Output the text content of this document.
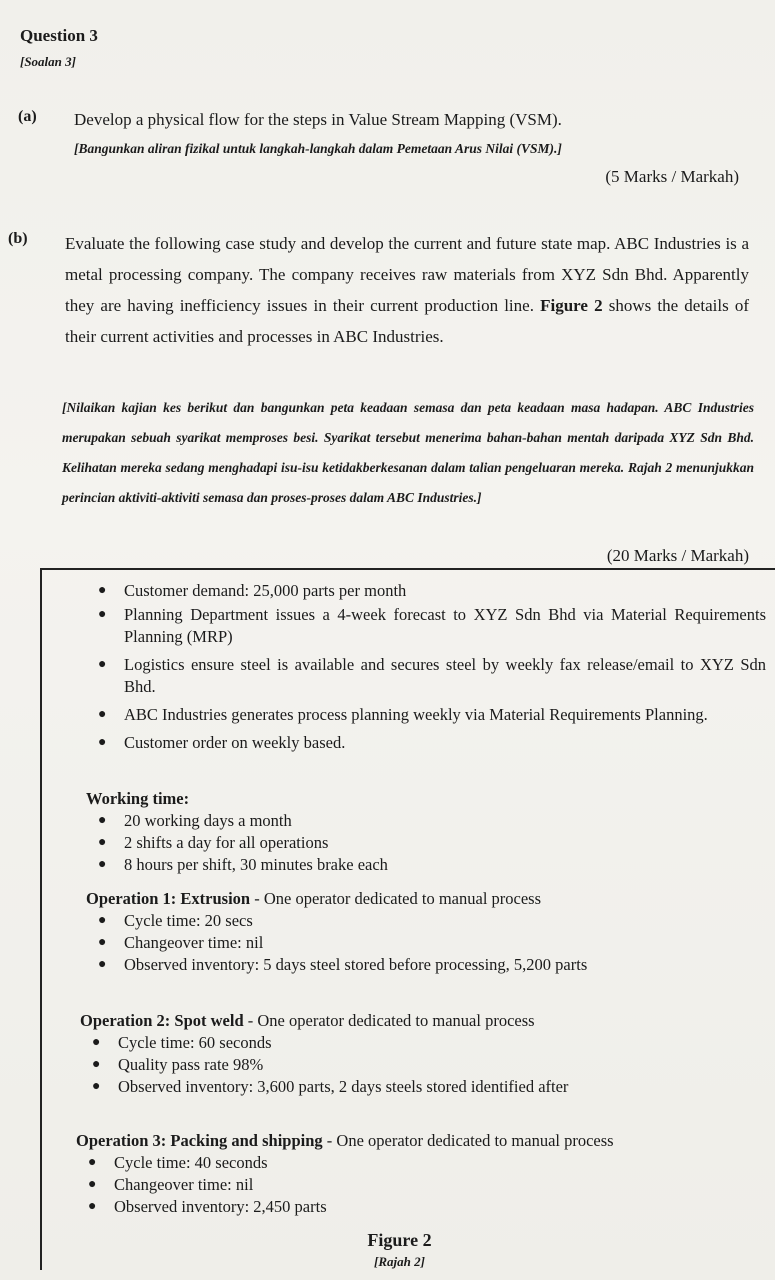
Question 3
[Soalan 3]
(a) Develop a physical flow for the steps in Value Stream Mapping (VSM).
[Bangunkan aliran fizikal untuk langkah-langkah dalam Pemetaan Arus Nilai (VSM).]
(5 Marks / Markah)
(b) Evaluate the following case study and develop the current and future state map. ABC Industries is a metal processing company. The company receives raw materials from XYZ Sdn Bhd. Apparently they are having inefficiency issues in their current production line. Figure 2 shows the details of their current activities and processes in ABC Industries.
[Nilaikan kajian kes berikut dan bangunkan peta keadaan semasa dan peta keadaan masa hadapan. ABC Industries merupakan sebuah syarikat memproses besi. Syarikat tersebut menerima bahan-bahan mentah daripada XYZ Sdn Bhd. Kelihatan mereka sedang menghadapi isu-isu ketidakberkesanan dalam talian pengeluaran mereka. Rajah 2 menunjukkan perincian aktiviti-aktiviti semasa dan proses-proses dalam ABC Industries.]
(20 Marks / Markah)
● Customer demand: 25,000 parts per month
● Planning Department issues a 4-week forecast to XYZ Sdn Bhd via Material Requirements Planning (MRP)
● Logistics ensure steel is available and secures steel by weekly fax release/email to XYZ Sdn Bhd.
● ABC Industries generates process planning weekly via Material Requirements Planning.
● Customer order on weekly based.
Working time:
● 20 working days a month
● 2 shifts a day for all operations
● 8 hours per shift, 30 minutes brake each
Operation 1: Extrusion - One operator dedicated to manual process
● Cycle time: 20 secs
● Changeover time: nil
● Observed inventory: 5 days steel stored before processing, 5,200 parts
Operation 2: Spot weld - One operator dedicated to manual process
● Cycle time: 60 seconds
● Quality pass rate 98%
● Observed inventory: 3,600 parts, 2 days steels stored identified after
Operation 3: Packing and shipping - One operator dedicated to manual process
● Cycle time: 40 seconds
● Changeover time: nil
● Observed inventory: 2,450 parts
Figure 2
[Rajah 2]
